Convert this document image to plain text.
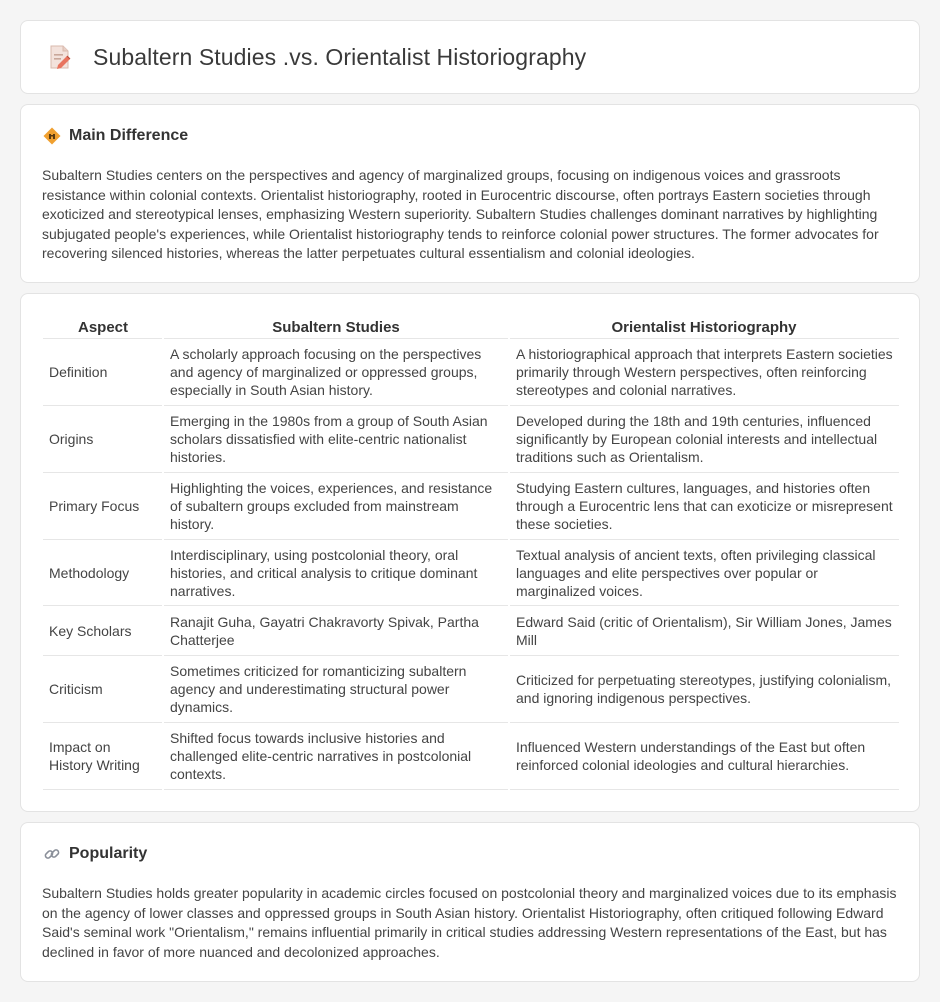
Subaltern Studies .vs. Orientalist Historiography
Main Difference

Subaltern Studies centers on the perspectives and agency of marginalized groups, focusing on indigenous voices and grassroots resistance within colonial contexts. Orientalist historiography, rooted in Eurocentric discourse, often portrays Eastern societies through exoticized and stereotypical lenses, emphasizing Western superiority. Subaltern Studies challenges dominant narratives by highlighting subjugated people's experiences, while Orientalist historiography tends to reinforce colonial power structures. The former advocates for recovering silenced histories, whereas the latter perpetuates cultural essentialism and colonial ideologies.

Aspect	Subaltern Studies	Orientalist Historiography
Definition	A scholarly approach focusing on the perspectives and agency of marginalized or oppressed groups, especially in South Asian history.	A historiographical approach that interprets Eastern societies primarily through Western perspectives, often reinforcing stereotypes and colonial narratives.
Origins	Emerging in the 1980s from a group of South Asian scholars dissatisfied with elite-centric nationalist histories.	Developed during the 18th and 19th centuries, influenced significantly by European colonial interests and intellectual traditions such as Orientalism.
Primary Focus	Highlighting the voices, experiences, and resistance of subaltern groups excluded from mainstream history.	Studying Eastern cultures, languages, and histories often through a Eurocentric lens that can exoticize or misrepresent these societies.
Methodology	Interdisciplinary, using postcolonial theory, oral histories, and critical analysis to critique dominant narratives.	Textual analysis of ancient texts, often privileging classical languages and elite perspectives over popular or marginalized voices.
Key Scholars	Ranajit Guha, Gayatri Chakravorty Spivak, Partha Chatterjee	Edward Said (critic of Orientalism), Sir William Jones, James Mill
Criticism	Sometimes criticized for romanticizing subaltern agency and underestimating structural power dynamics.	Criticized for perpetuating stereotypes, justifying colonialism, and ignoring indigenous perspectives.
Impact on History Writing	Shifted focus towards inclusive histories and challenged elite-centric narratives in postcolonial contexts.	Influenced Western understandings of the East but often reinforced colonial ideologies and cultural hierarchies.
Popularity

Subaltern Studies holds greater popularity in academic circles focused on postcolonial theory and marginalized voices due to its emphasis on the agency of lower classes and oppressed groups in South Asian history. Orientalist Historiography, often critiqued following Edward Said's seminal work "Orientalism," remains influential primarily in critical studies addressing Western representations of the East, but has declined in favor of more nuanced and decolonized approaches.
